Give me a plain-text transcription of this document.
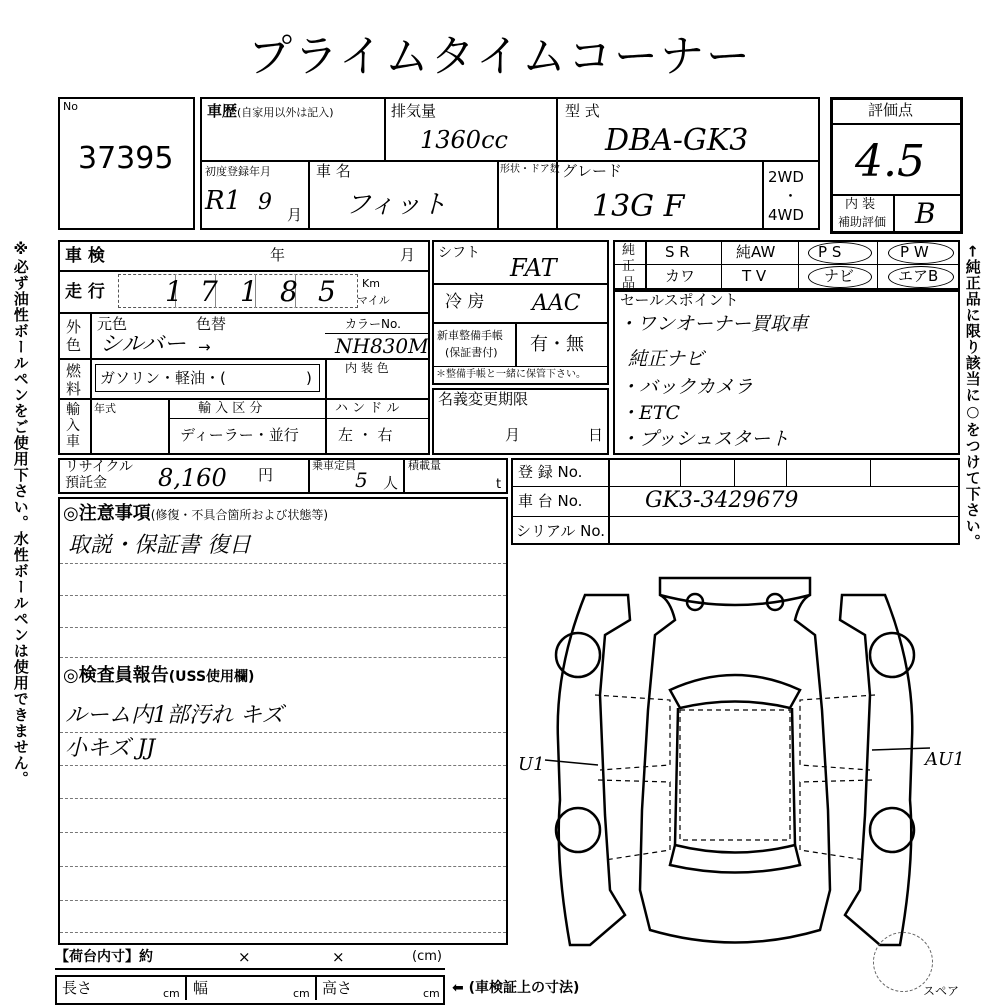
プライムタイムコーナー
※必ず油性ボールペンをご使用下さい。水性ボールペンは使用できません。	←純正品に限り該当に○をつけて下さい。
No
37395
車歴(自家用以外は記入)	排気量
1360cc
型 式
DBA-GK3
初度登録年月
R1 9 月
車 名
フィット
形状・ドア数 グレード
13G F
2WD
・
4WD
評価点
4.5
内 装
補助評価 B
車 検	年	月
走 行 1 7 1 8 5 Km
マイル
外色
元色	色替	カラーNo.
シルバー →	NH830M
燃料
ガソリン・軽油・(	)
内 装 色
輸入車
年式	輸 入 区 分
ディーラー・並行
ハ ン ド ル
左 ・ 右
シフト
FAT
冷 房 AAC
新車整備手帳
(保証書付) 有・無
＊整備手帳と一緒に保管下さい。
名義変更期限
月	日
純正品
S R	純AW	P S	P W
カワ	T V	ナビ	エアB
セールスポイント
・ワンオーナー買取車
純正ナビ
・バックカメラ
・ETC
・プッシュスタート
リサイクル
預託金 8,160 円
乗車定員
5 人
積載量
t
登 録 No.
車 台 No.	GK3-3429679
シリアル No.
◎注意事項(修復・不具合箇所および状態等)
取説・保証書 復日
◎検査員報告(USS使用欄)
ルーム内1部汚れ キズ
小キズ JJ
U1	AU1
スペア
【荷台内寸】約	×	×	(cm)
長さ	cm 幅	cm 高さ	cm ⬅ (車検証上の寸法)
